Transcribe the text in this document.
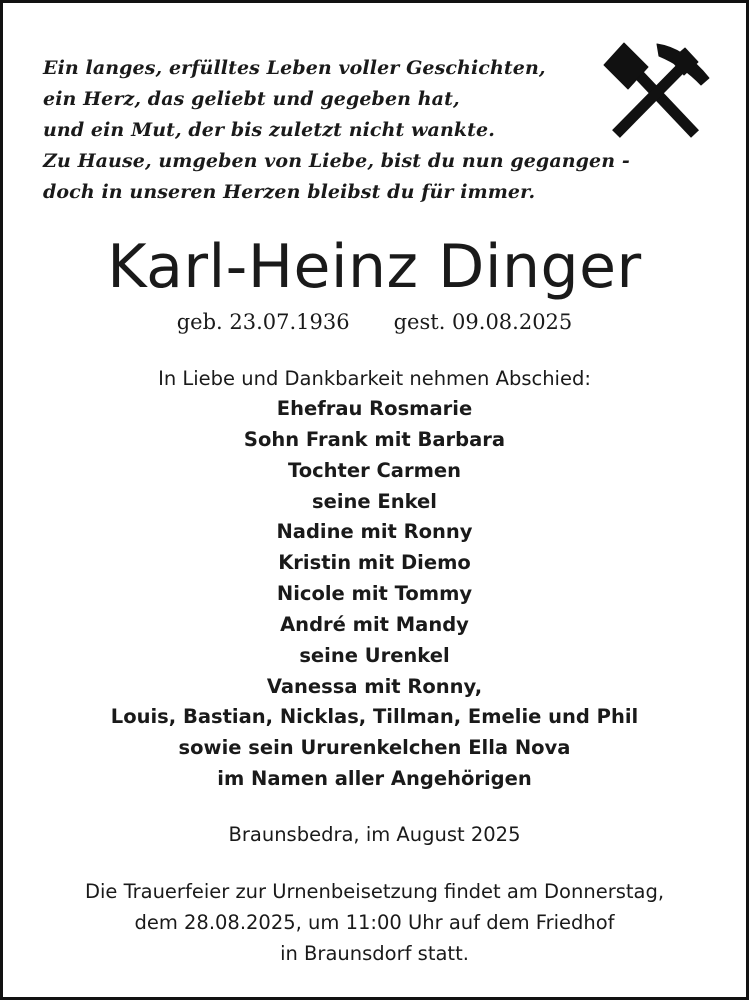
Ein langes, erfülltes Leben voller Geschichten,
ein Herz, das geliebt und gegeben hat,
und ein Mut, der bis zuletzt nicht wankte.
Zu Hause, umgeben von Liebe, bist du nun gegangen -
doch in unseren Herzen bleibst du für immer.
Karl-Heinz Dinger
geb. 23.07.1936 gest. 09.08.2025
In Liebe und Dankbarkeit nehmen Abschied:
Ehefrau Rosmarie
Sohn Frank mit Barbara
Tochter Carmen
seine Enkel
Nadine mit Ronny
Kristin mit Diemo
Nicole mit Tommy
André mit Mandy
seine Urenkel
Vanessa mit Ronny,
Louis, Bastian, Nicklas, Tillman, Emelie und Phil
sowie sein Ururenkelchen Ella Nova
im Namen aller Angehörigen
Braunsbedra, im August 2025
Die Trauerfeier zur Urnenbeisetzung findet am Donnerstag,
dem 28.08.2025, um 11:00 Uhr auf dem Friedhof
in Braunsdorf statt.
